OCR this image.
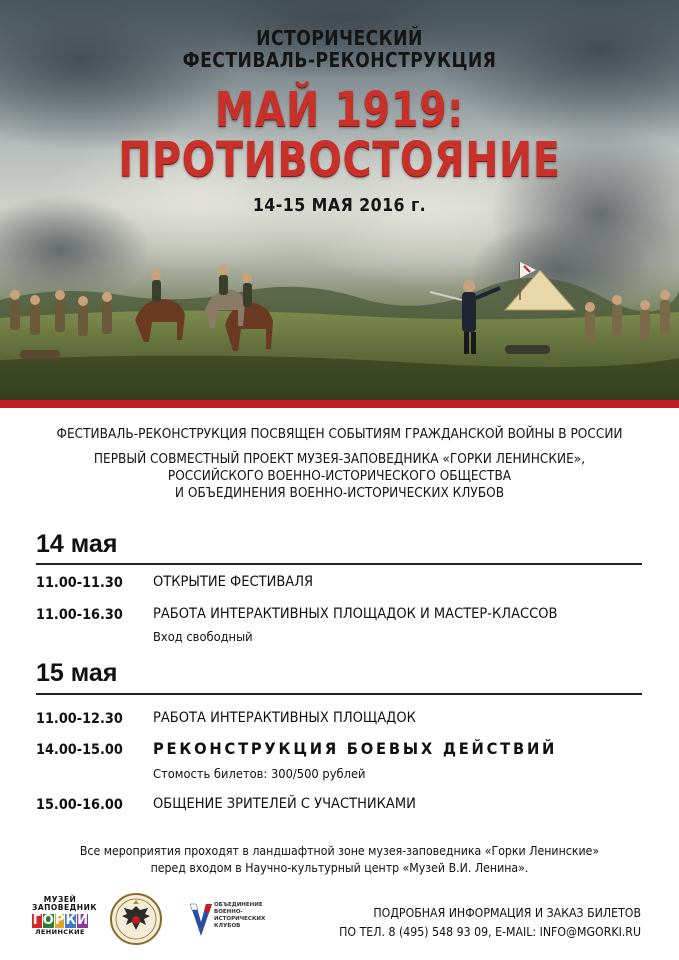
ИСТОРИЧЕСКИЙ
ФЕСТИВАЛЬ-РЕКОНСТРУКЦИЯ
МАЙ 1919:
ПРОТИВОСТОЯНИЕ
14-15 МАЯ 2016 г.
ФЕСТИВАЛЬ-РЕКОНСТРУКЦИЯ ПОСВЯЩЕН СОБЫТИЯМ ГРАЖДАНСКОЙ ВОЙНЫ В РОССИИ
ПЕРВЫЙ СОВМЕСТНЫЙ ПРОЕКТ МУЗЕЯ-ЗАПОВЕДНИКА «ГОРКИ ЛЕНИНСКИЕ»,
РОССИЙСКОГО ВОЕННО-ИСТОРИЧЕСКОГО ОБЩЕСТВА
И ОБЪЕДИНЕНИЯ ВОЕННО-ИСТОРИЧЕСКИХ КЛУБОВ
14 мая
11.00-11.30 ОТКРЫТИЕ ФЕСТИВАЛЯ
11.00-16.30 РАБОТА ИНТЕРАКТИВНЫХ ПЛОЩАДОК И МАСТЕР-КЛАССОВ
Вход свободный
15 мая
11.00-12.30 РАБОТА ИНТЕРАКТИВНЫХ ПЛОЩАДОК
14.00-15.00 РЕКОНСТРУКЦИЯ БОЕВЫХ ДЕЙСТВИЙ
Стомость билетов: 300/500 рублей
15.00-16.00 ОБЩЕНИЕ ЗРИТЕЛЕЙ С УЧАСТНИКАМИ
Все мероприятия проходят в ландшафтной зоне музея-заповедника «Горки Ленинские»
перед входом в Научно-культурный центр «Музей В.И. Ленина».
МУЗЕЙ ЗАПОВЕДНИК
Г О Р К И
ЛЕНИНСКИЕ
ОБЪЕДИНЕНИЕ ВОЕННО-ИСТОРИЧЕСКИХ КЛУБОВ
ПОДРОБНАЯ ИНФОРМАЦИЯ И ЗАКАЗ БИЛЕТОВ
ПО ТЕЛ. 8 (495) 548 93 09, E-MAIL: INFO@MGORKI.RU
